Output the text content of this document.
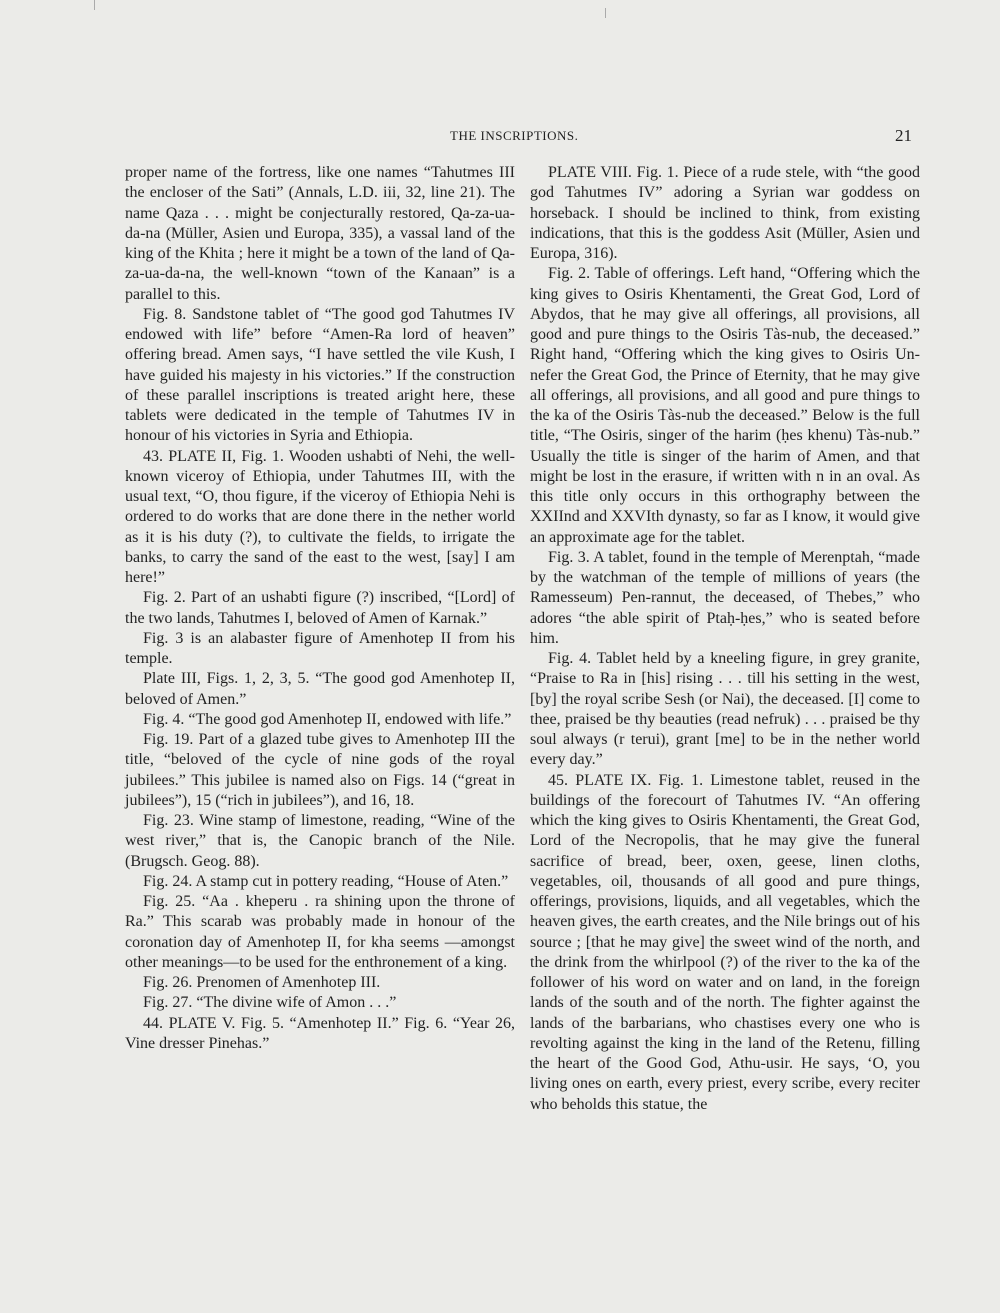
THE INSCRIPTIONS.	21

proper name of the fortress, like one names “Tahutmes III the encloser of the Sati” (Annals, L.D. iii, 32, line 21). The name Qaza . . . might be conjecturally restored, Qa-za-ua-da-na (Müller, Asien und Europa, 335), a vassal land of the king of the Khita ; here it might be a town of the land of Qa-za-ua-da-na, the well-known “town of the Kanaan” is a parallel to this.

Fig. 8. Sandstone tablet of “The good god Tahutmes IV endowed with life” before “Amen-Ra lord of heaven” offering bread. Amen says, “I have settled the vile Kush, I have guided his majesty in his victories.” If the construction of these parallel inscriptions is treated aright here, these tablets were dedicated in the temple of Tahutmes IV in honour of his victories in Syria and Ethiopia.

43. PLATE II, Fig. 1. Wooden ushabti of Nehi, the well-known viceroy of Ethiopia, under Tahutmes III, with the usual text, “O, thou figure, if the viceroy of Ethiopia Nehi is ordered to do works that are done there in the nether world as it is his duty (?), to cultivate the fields, to irrigate the banks, to carry the sand of the east to the west, [say] I am here!”

Fig. 2. Part of an ushabti figure (?) inscribed, “[Lord] of the two lands, Tahutmes I, beloved of Amen of Karnak.”

Fig. 3 is an alabaster figure of Amenhotep II from his temple.

Plate III, Figs. 1, 2, 3, 5. “The good god Amenhotep II, beloved of Amen.”

Fig. 4. “The good god Amenhotep II, endowed with life.”

Fig. 19. Part of a glazed tube gives to Amenhotep III the title, “beloved of the cycle of nine gods of the royal jubilees.” This jubilee is named also on Figs. 14 (“great in jubilees”), 15 (“rich in jubilees”), and 16, 18.

Fig. 23. Wine stamp of limestone, reading, “Wine of the west river,” that is, the Canopic branch of the Nile. (Brugsch. Geog. 88).

Fig. 24. A stamp cut in pottery reading, “House of Aten.”

Fig. 25. “Aa . kheperu . ra shining upon the throne of Ra.” This scarab was probably made in honour of the coronation day of Amenhotep II, for kha seems —amongst other meanings—to be used for the enthronement of a king.

Fig. 26. Prenomen of Amenhotep III.

Fig. 27. “The divine wife of Amon . . .”

44. PLATE V. Fig. 5. “Amenhotep II.” Fig. 6. “Year 26, Vine dresser Pinehas.”

PLATE VIII. Fig. 1. Piece of a rude stele, with “the good god Tahutmes IV” adoring a Syrian war goddess on horseback. I should be inclined to think, from existing indications, that this is the goddess Asit (Müller, Asien und Europa, 316).

Fig. 2. Table of offerings. Left hand, “Offering which the king gives to Osiris Khentamenti, the Great God, Lord of Abydos, that he may give all offerings, all provisions, all good and pure things to the Osiris Tàs-nub, the deceased.” Right hand, “Offering which the king gives to Osiris Un-nefer the Great God, the Prince of Eternity, that he may give all offerings, all provisions, and all good and pure things to the ka of the Osiris Tàs-nub the deceased.” Below is the full title, “The Osiris, singer of the harim (ḥes khenu) Tàs-nub.” Usually the title is singer of the harim of Amen, and that might be lost in the erasure, if written with n in an oval. As this title only occurs in this orthography between the XXIInd and XXVIth dynasty, so far as I know, it would give an approximate age for the tablet.

Fig. 3. A tablet, found in the temple of Merenptah, “made by the watchman of the temple of millions of years (the Ramesseum) Pen-rannut, the deceased, of Thebes,” who adores “the able spirit of Ptaḥ-ḥes,” who is seated before him.

Fig. 4. Tablet held by a kneeling figure, in grey granite, “Praise to Ra in [his] rising . . . till his setting in the west, [by] the royal scribe Sesh (or Nai), the deceased. [I] come to thee, praised be thy beauties (read nefruk) . . . praised be thy soul always (r terui), grant [me] to be in the nether world every day.”

45. PLATE IX. Fig. 1. Limestone tablet, reused in the buildings of the forecourt of Tahutmes IV. “An offering which the king gives to Osiris Khentamenti, the Great God, Lord of the Necropolis, that he may give the funeral sacrifice of bread, beer, oxen, geese, linen cloths, vegetables, oil, thousands of all good and pure things, offerings, provisions, liquids, and all vegetables, which the heaven gives, the earth creates, and the Nile brings out of his source ; [that he may give] the sweet wind of the north, and the drink from the whirlpool (?) of the river to the ka of the follower of his word on water and on land, in the foreign lands of the south and of the north. The fighter against the lands of the barbarians, who chastises every one who is revolting against the king in the land of the Retenu, filling the heart of the Good God, Athu-usir. He says, ‘O, you living ones on earth, every priest, every scribe, every reciter who beholds this statue, the
